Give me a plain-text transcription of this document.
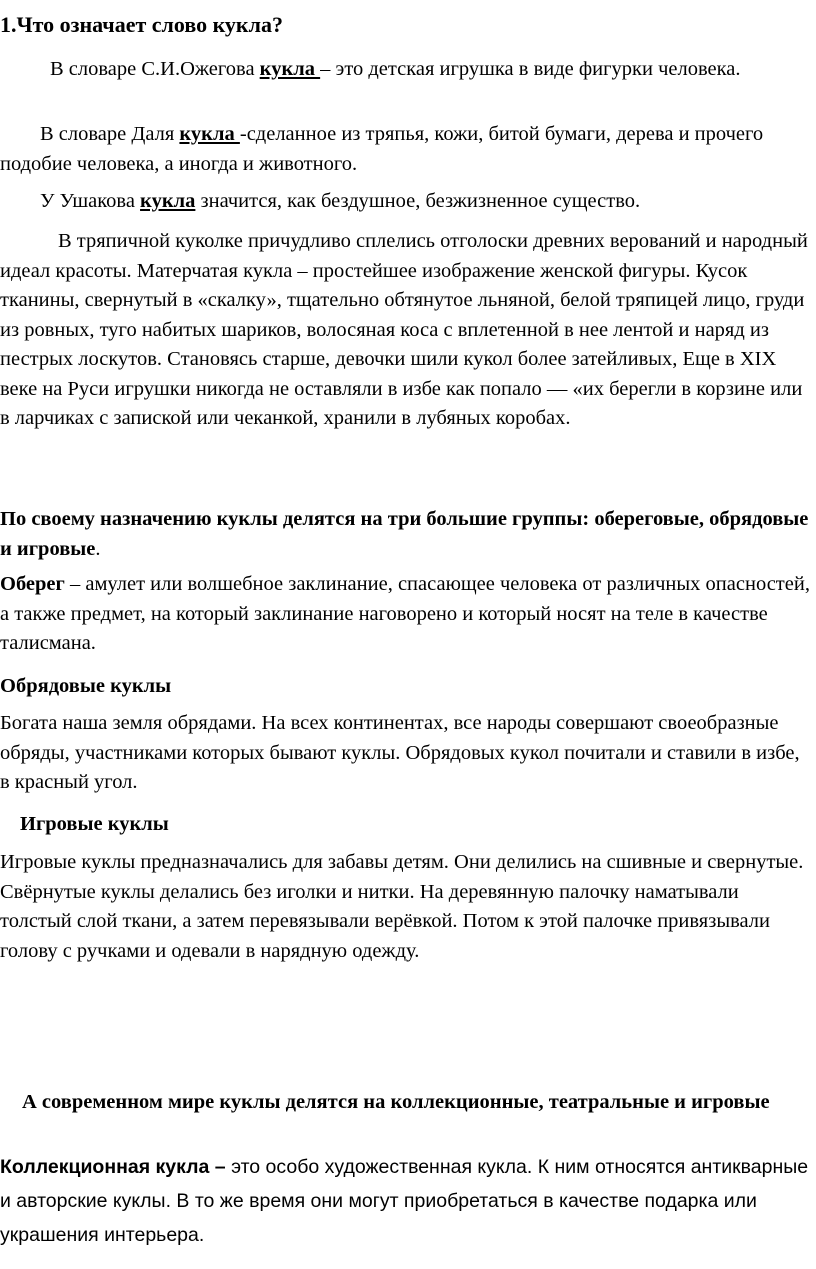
1.Что означает слово кукла?

В словаре С.И.Ожегова кукла – это детская игрушка в виде фигурки человека.

В словаре Даля кукла -сделанное из тряпья, кожи, битой бумаги, дерева и прочего подобие человека, а иногда и животного.

У Ушакова кукла значится, как бездушное, безжизненное существо.

В тряпичной куколке причудливо сплелись отголоски древних верований и народный идеал красоты. Матерчатая кукла – простейшее изображение женской фигуры. Кусок тканины, свернутый в «скалку», тщательно обтянутое льняной, белой тряпицей лицо, груди из ровных, туго набитых шариков, волосяная коса с вплетенной в нее лентой и наряд из пестрых лоскутов. Становясь старше, девочки шили кукол более затейливых, Еще в XIX веке на Руси игрушки никогда не оставляли в избе как попало — «их берегли в корзине или в ларчиках с запиской или чеканкой, хранили в лубяных коробах.

По своему назначению куклы делятся на три большие группы: обереговые, обрядовые и игровые.

Оберег – амулет или волшебное заклинание, спасающее человека от различных опасностей, а также предмет, на который заклинание наговорено и который носят на теле в качестве талисмана.

Обрядовые куклы

Богата наша земля обрядами. На всех континентах, все народы совершают своеобразные обряды, участниками которых бывают куклы. Обрядовых кукол почитали и ставили в избе, в красный угол.

Игровые куклы

Игровые куклы предназначались для забавы детям. Они делились на сшивные и свернутые. Свёрнутые куклы делались без иголки и нитки. На деревянную палочку наматывали толстый слой ткани, а затем перевязывали верёвкой. Потом к этой палочке привязывали голову с ручками и одевали в нарядную одежду.

А современном мире куклы делятся на коллекционные, театральные и игровые

Коллекционная кукла – это особо художественная кукла. К ним относятся антикварные и авторские куклы. В то же время они могут приобретаться в качестве подарка или украшения интерьера.
